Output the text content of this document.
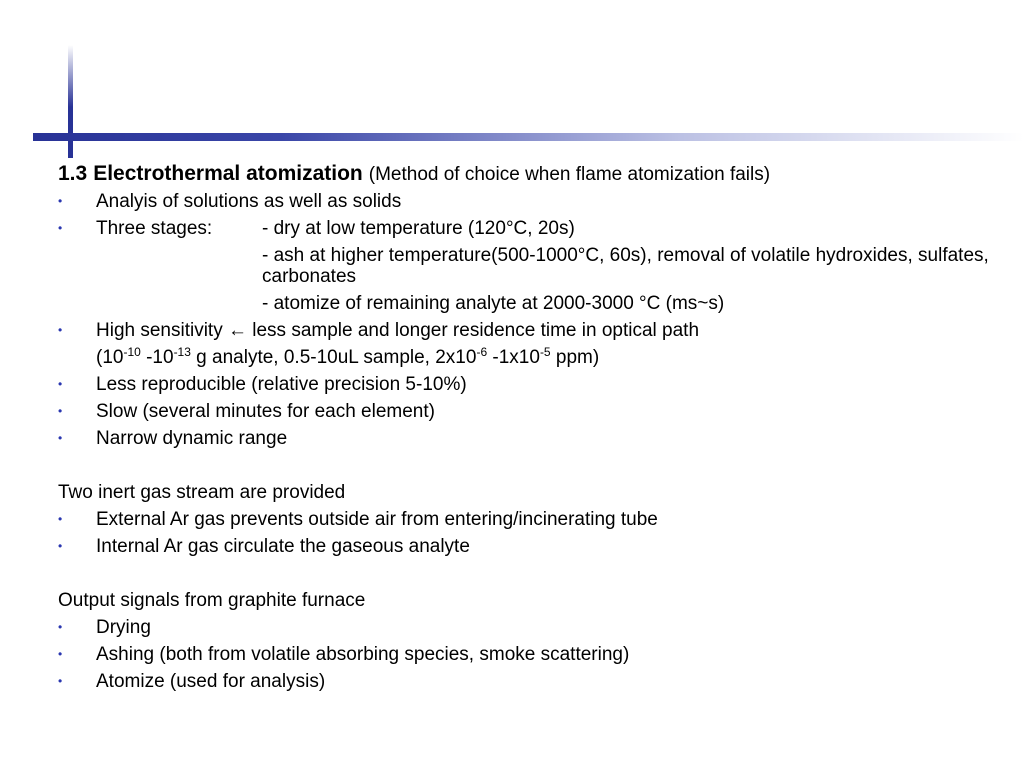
1.3 Electrothermal atomization (Method of choice when flame atomization fails)
• Analyis of solutions as well as solids
• Three stages:	- dry at low temperature (120°C, 20s)
- ash at higher temperature(500-1000°C, 60s), removal of volatile hydroxides, sulfates, carbonates
- atomize of remaining analyte at 2000-3000 °C (ms~s)
• High sensitivity ← less sample and longer residence time in optical path
($10^{-10}$ $-10^{-13}$ g analyte, 0.5-10uL sample, $2x10^{-6}$ $-1x10^{-5}$ ppm)
• Less reproducible (relative precision 5-10%)
• Slow (several minutes for each element)
• Narrow dynamic range
Two inert gas stream are provided
• External Ar gas prevents outside air from entering/incinerating tube
• Internal Ar gas circulate the gaseous analyte
Output signals from graphite furnace
• Drying
• Ashing (both from volatile absorbing species, smoke scattering)
• Atomize (used for analysis)
